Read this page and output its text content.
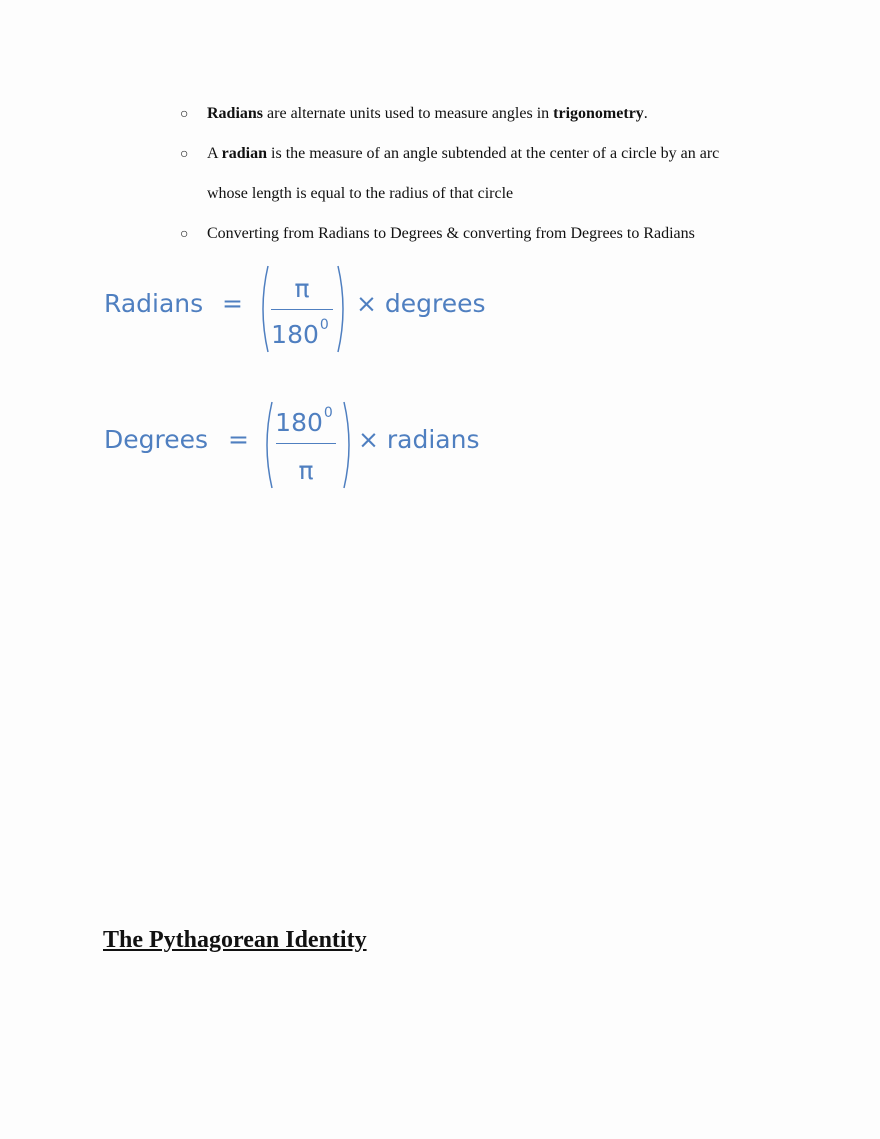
○ Radians are alternate units used to measure angles in trigonometry.
○ A radian is the measure of an angle subtended at the center of a circle by an arc
whose length is equal to the radius of that circle
○ Converting from Radians to Degrees & converting from Degrees to Radians
Radians =
π
$180^0$
× degrees
Degrees =
$180^0$
π
× radians
The Pythagorean Identity
